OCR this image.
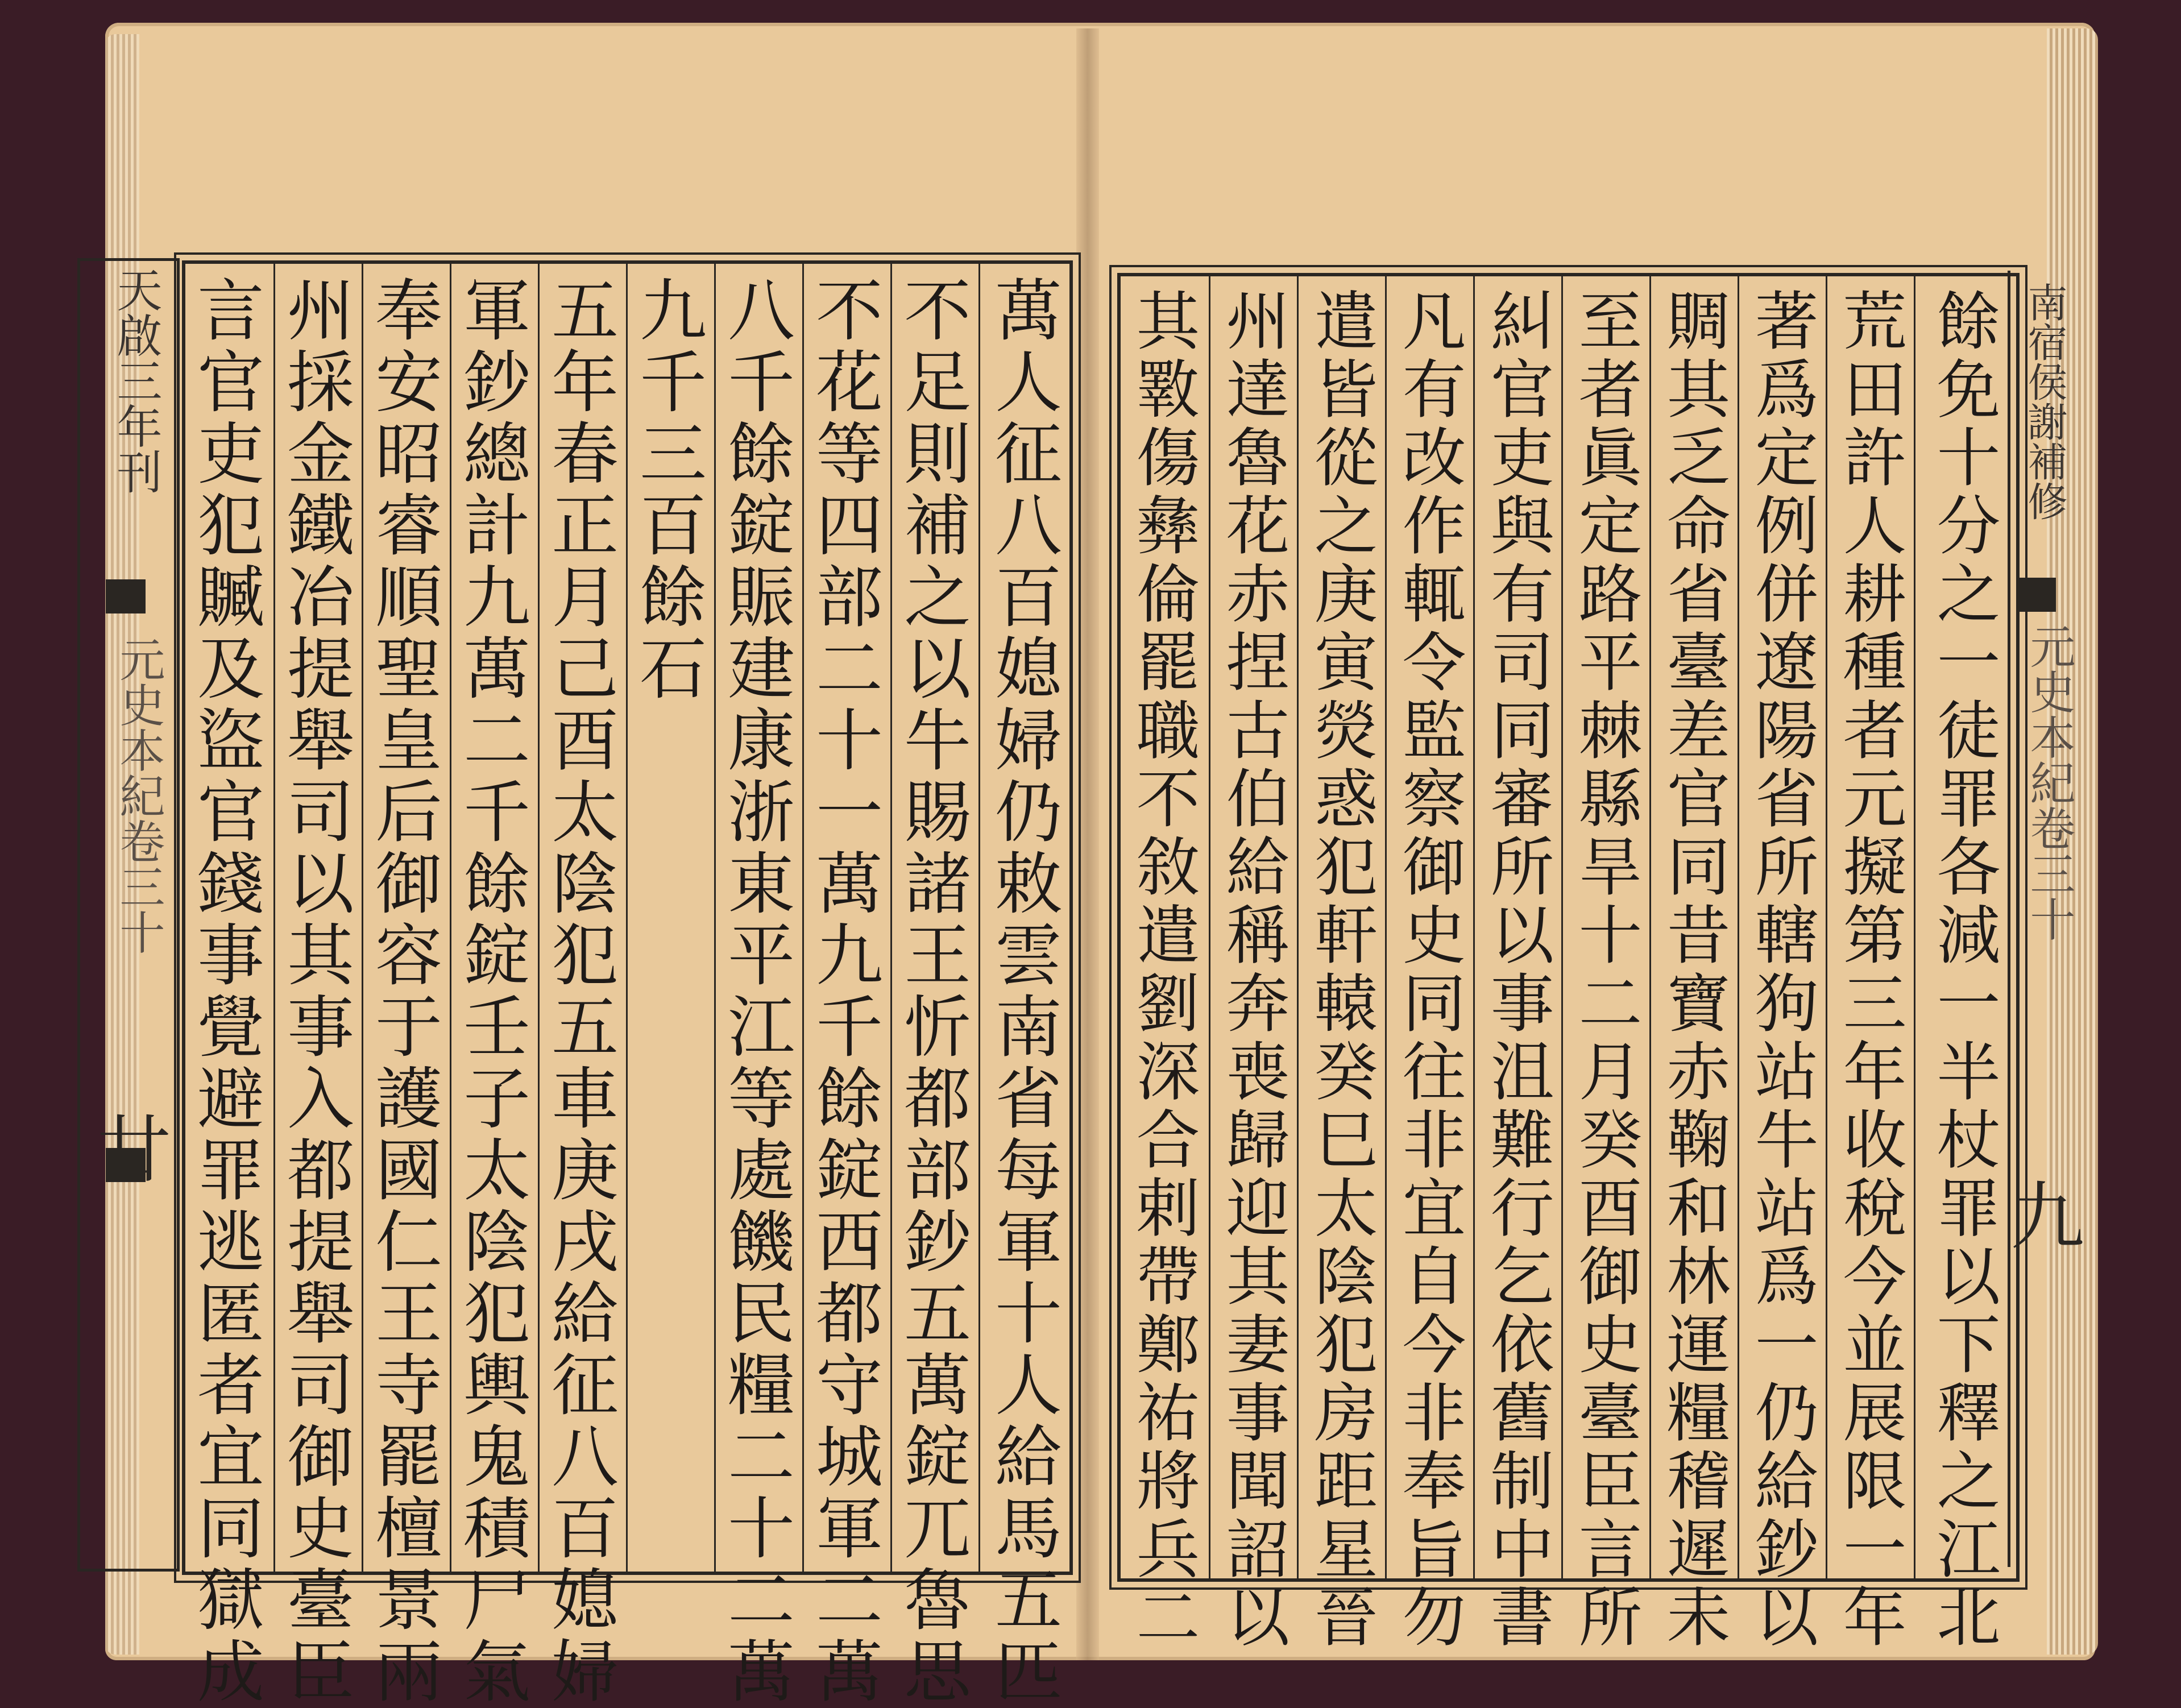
天啟三年刊
元史本紀卷三十
廿 言官吏犯贓及盜官錢事覺避罪逃匿者宜同獄成 州採金鐵冶提舉司以其事入都提舉司御史臺臣 奉安昭睿順聖皇后御容于護國仁王寺罷檀景兩 軍鈔總計九萬二千餘錠壬子太陰犯輿鬼積尸氣 五年春正月己酉太陰犯五車庚戌給征八百媳婦 九千三百餘石 八千餘錠賑建康浙東平江等處饑民糧二十二萬 不花等四部二十一萬九千餘錠西都守城軍二萬 不足則補之以牛賜諸王忻都部鈔五萬錠兀魯思 萬人征八百媳婦仍敕雲南省每軍十人給馬五匹	南宿侯謝補修
元史本紀卷三十
九
其斁傷彝倫罷職不敘遣劉深合剌帶鄭祐將兵二 州達魯花赤捏古伯給稱奔喪歸迎其妻事聞詔以 遣皆從之庚寅熒惑犯軒轅癸巳太陰犯房距星晉 凡有改作輒令監察御史同往非宜自今非奉旨勿 糾官吏與有司同審所以事沮難行乞依舊制中書 至者眞定路平棘縣旱十二月癸酉御史臺臣言所 賙其乏命省臺差官同昔寶赤鞠和林運糧稽遲未 著爲定例併遼陽省所轄狗站牛站爲一仍給鈔以 荒田許人耕種者元擬第三年收稅今並展限一年 餘免十分之一徒罪各減一半杖罪以下釋之江北
